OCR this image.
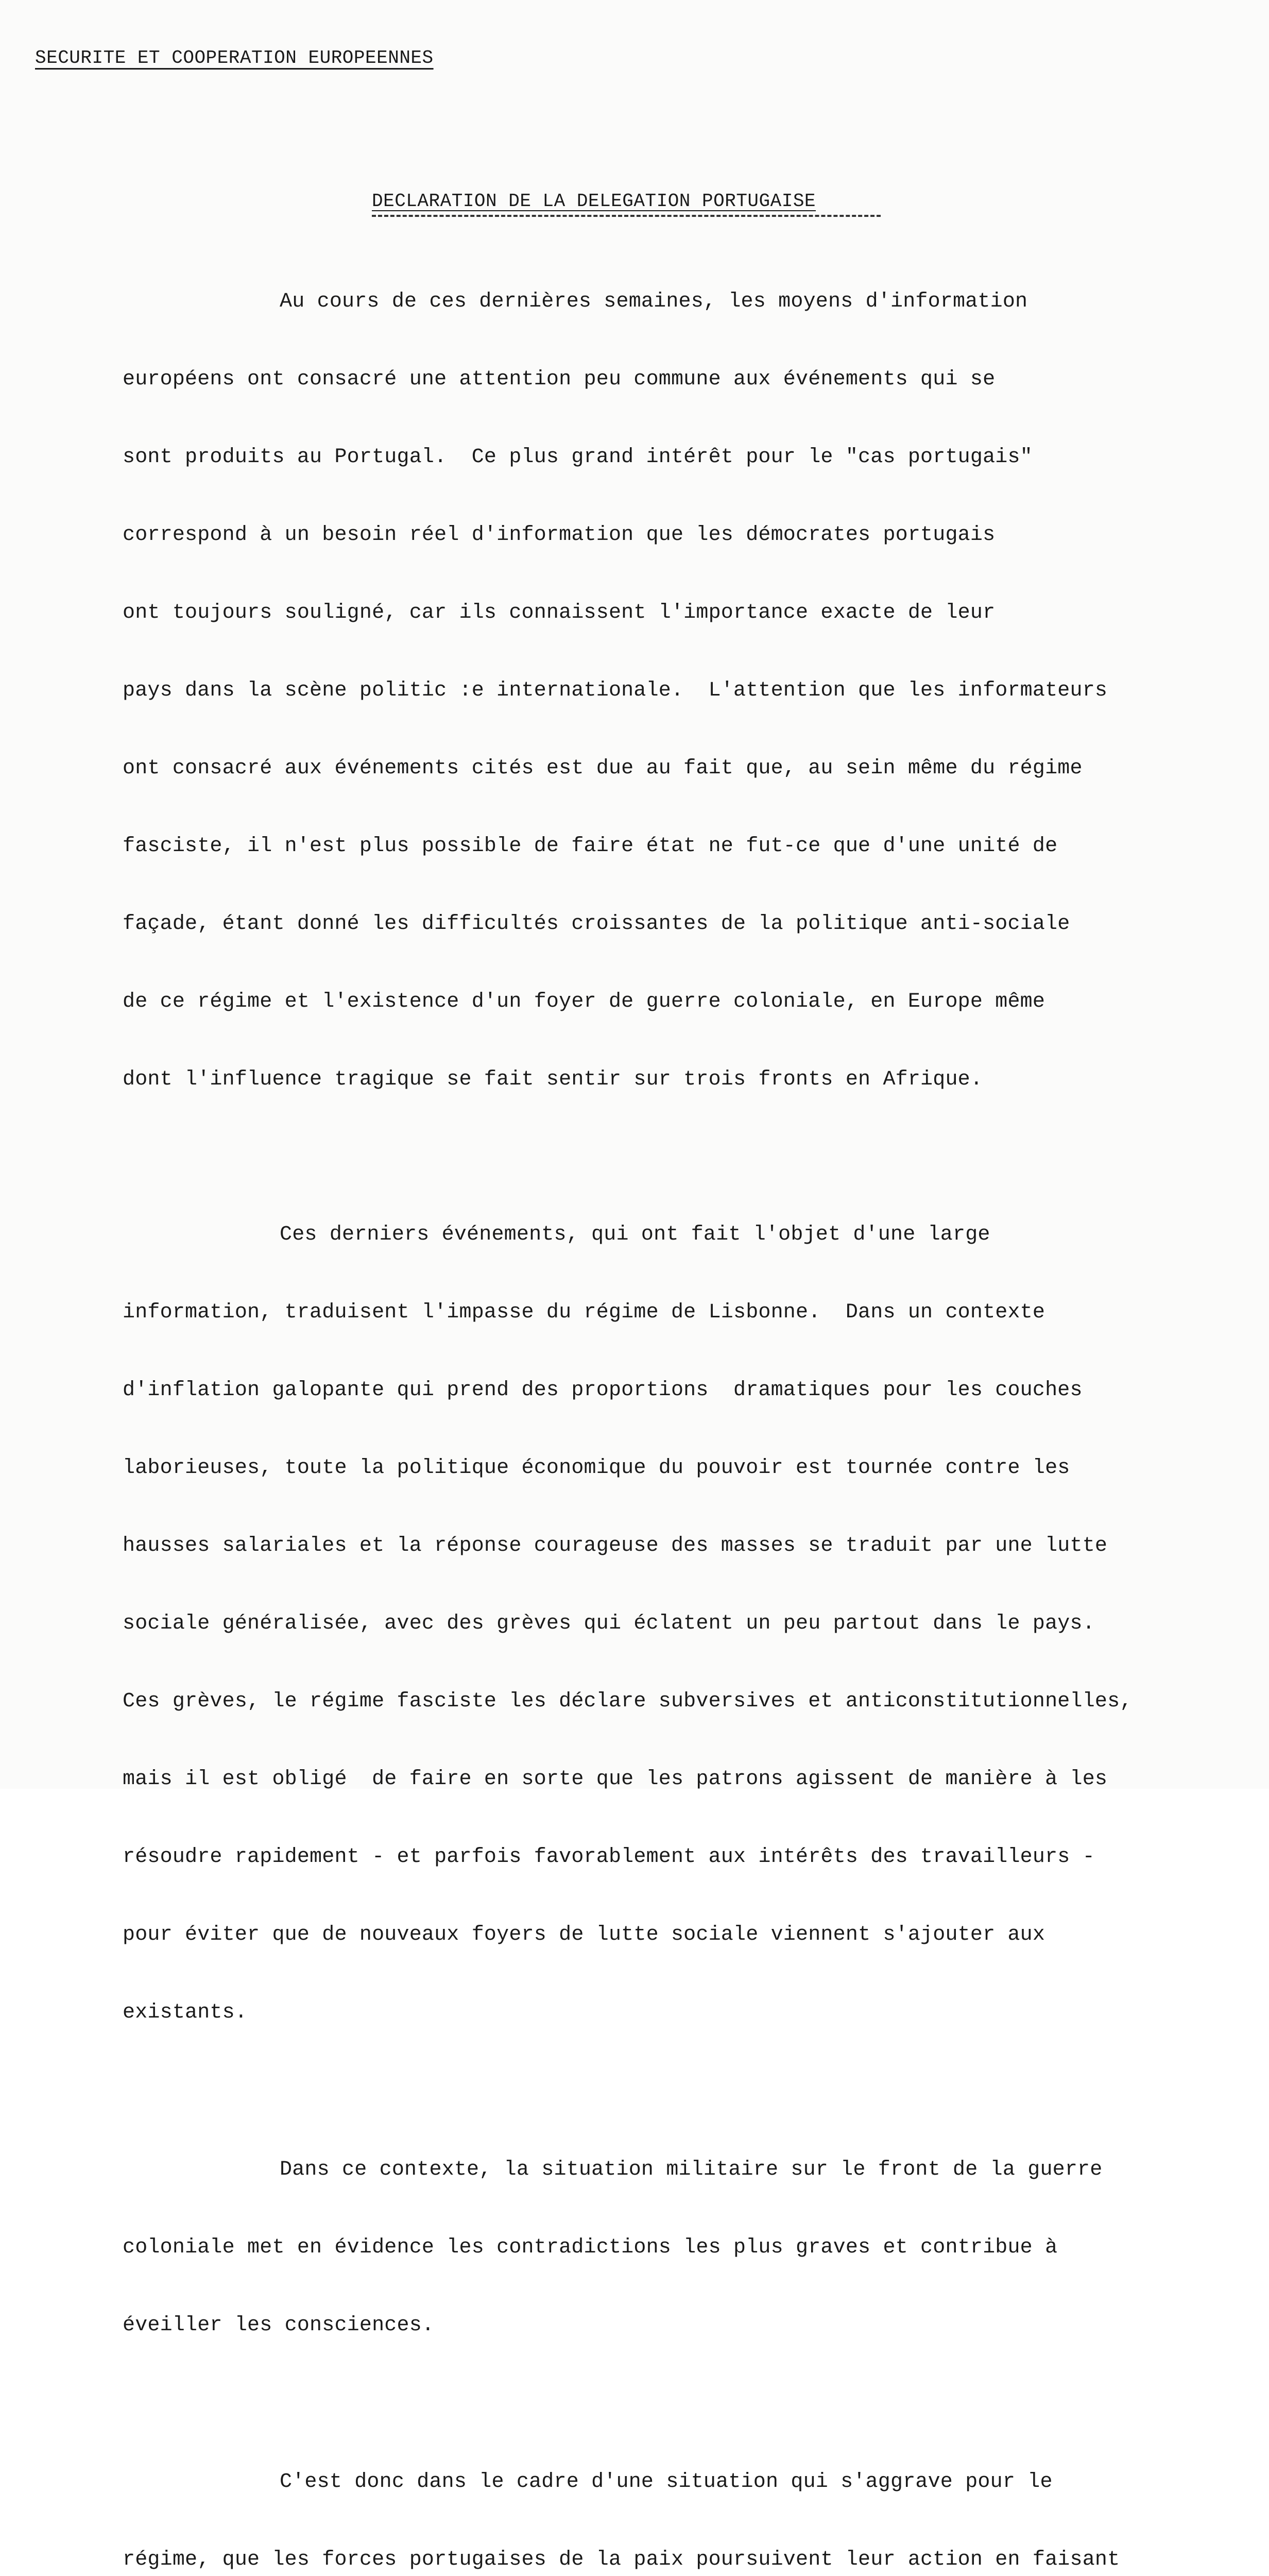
SECURITE ET COOPERATION EUROPEENNES
DECLARATION DE LA DELEGATION PORTUGAISE

Au cours de ces dernières semaines, les moyens d'information

européens ont consacré une attention peu commune aux événements qui se

sont produits au Portugal.  Ce plus grand intérêt pour le "cas portugais"

correspond à un besoin réel d'information que les démocrates portugais

ont toujours souligné, car ils connaissent l'importance exacte de leur

pays dans la scène politic :e internationale.  L'attention que les informateurs

ont consacré aux événements cités est due au fait que, au sein même du régime

fasciste, il n'est plus possible de faire état ne fut-ce que d'une unité de

façade, étant donné les difficultés croissantes de la politique anti-sociale

de ce régime et l'existence d'un foyer de guerre coloniale, en Europe même

dont l'influence tragique se fait sentir sur trois fronts en Afrique.

Ces derniers événements, qui ont fait l'objet d'une large

information, traduisent l'impasse du régime de Lisbonne.  Dans un contexte

d'inflation galopante qui prend des proportions  dramatiques pour les couches

laborieuses, toute la politique économique du pouvoir est tournée contre les

hausses salariales et la réponse courageuse des masses se traduit par une lutte

sociale généralisée, avec des grèves qui éclatent un peu partout dans le pays.

Ces grèves, le régime fasciste les déclare subversives et anticonstitutionnelles,

mais il est obligé  de faire en sorte que les patrons agissent de manière à les

résoudre rapidement - et parfois favorablement aux intérêts des travailleurs -

pour éviter que de nouveaux foyers de lutte sociale viennent s'ajouter aux

existants.

Dans ce contexte, la situation militaire sur le front de la guerre

coloniale met en évidence les contradictions les plus graves et contribue à

éveiller les consciences.

C'est donc dans le cadre d'une situation qui s'aggrave pour le

régime, que les forces portugaises de la paix poursuivent leur action en faisant
